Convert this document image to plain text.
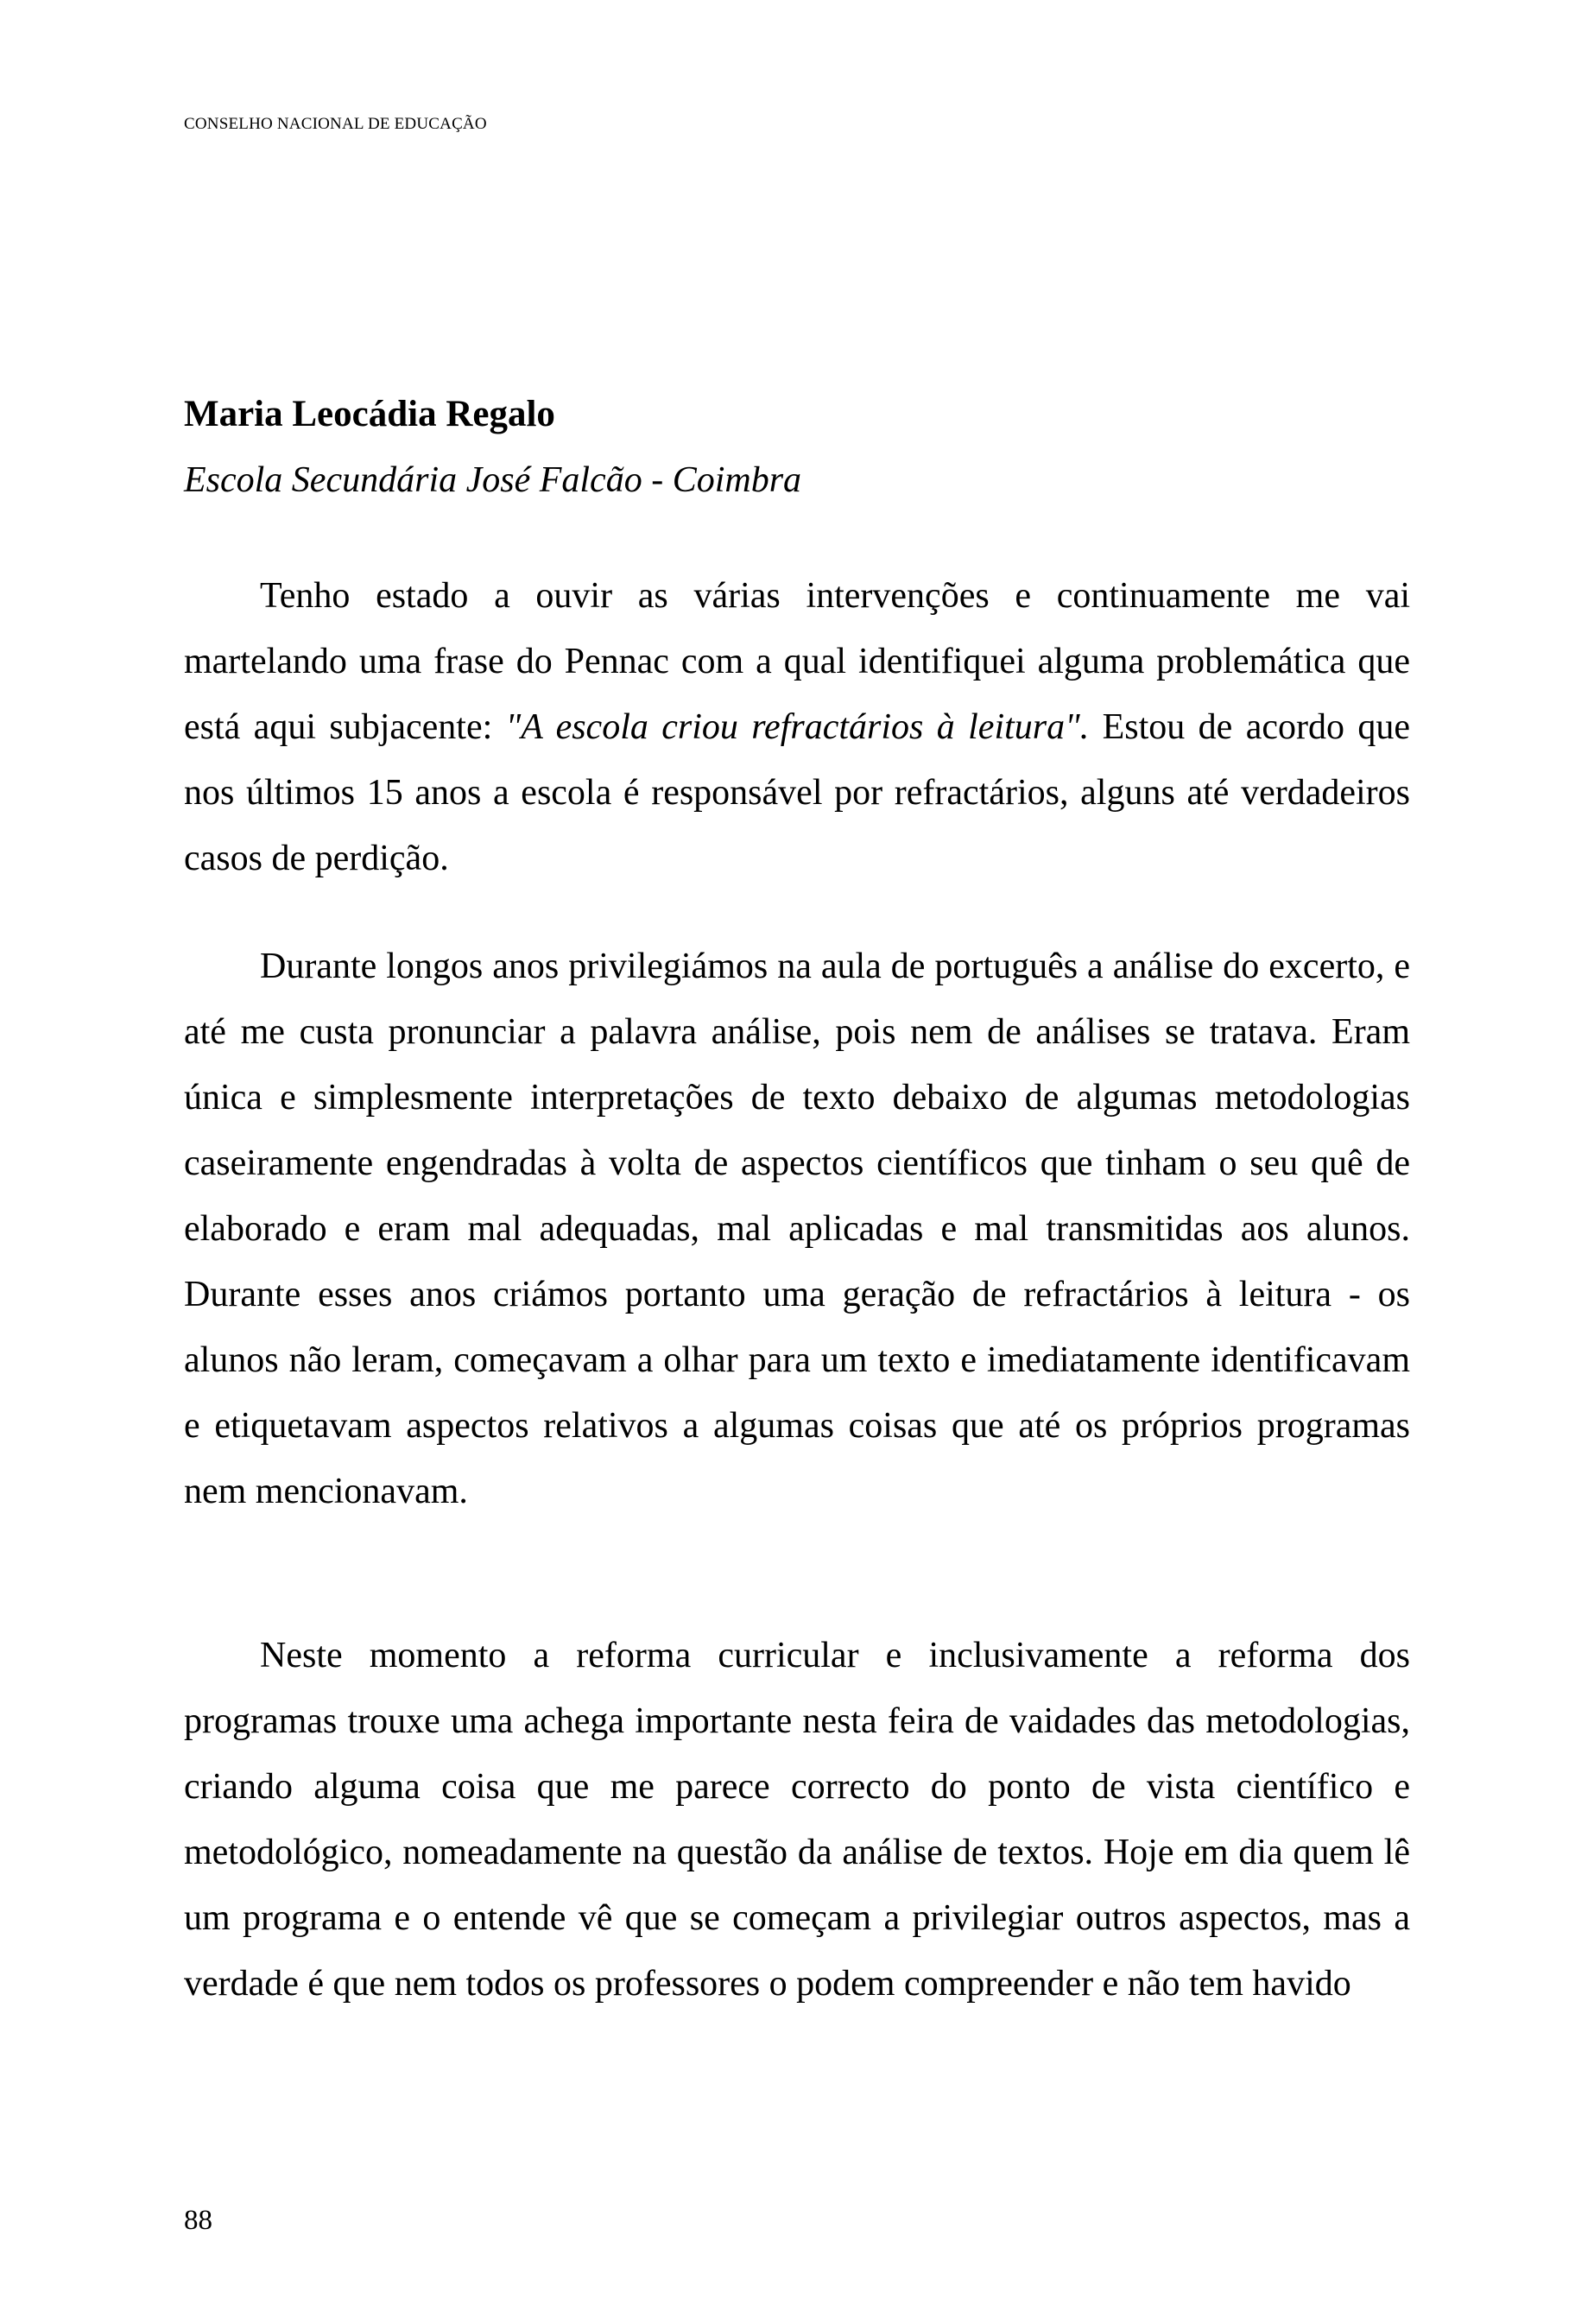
CONSELHO NACIONAL DE EDUCAÇÃO
Maria Leocádia Regalo
Escola Secundária José Falcão - Coimbra

Tenho estado a ouvir as várias intervenções e continuamente me vai martelando uma frase do Pennac com a qual identifiquei alguma problemática que está aqui subjacente: "A escola criou refractários à leitura". Estou de acordo que nos últimos 15 anos a escola é responsável por refractários, alguns até verdadeiros casos de perdição.

Durante longos anos privilegiámos na aula de português a análise do excerto, e até me custa pronunciar a palavra análise, pois nem de análises se tratava. Eram única e simplesmente interpretações de texto debaixo de algumas metodologias caseiramente engendradas à volta de aspectos científicos que tinham o seu quê de elaborado e eram mal adequadas, mal aplicadas e mal transmitidas aos alunos. Durante esses anos criámos portanto uma geração de refractários à leitura - os alunos não leram, começavam a olhar para um texto e imediatamente identificavam e etiquetavam aspectos relativos a algumas coisas que até os próprios programas nem mencionavam.

Neste momento a reforma curricular e inclusivamente a reforma dos programas trouxe uma achega importante nesta feira de vaidades das metodologias, criando alguma coisa que me parece correcto do ponto de vista científico e metodológico, nomeadamente na questão da análise de textos. Hoje em dia quem lê um programa e o entende vê que se começam a privilegiar outros aspectos, mas a verdade é que nem todos os professores o podem compreender e não tem havido

88
